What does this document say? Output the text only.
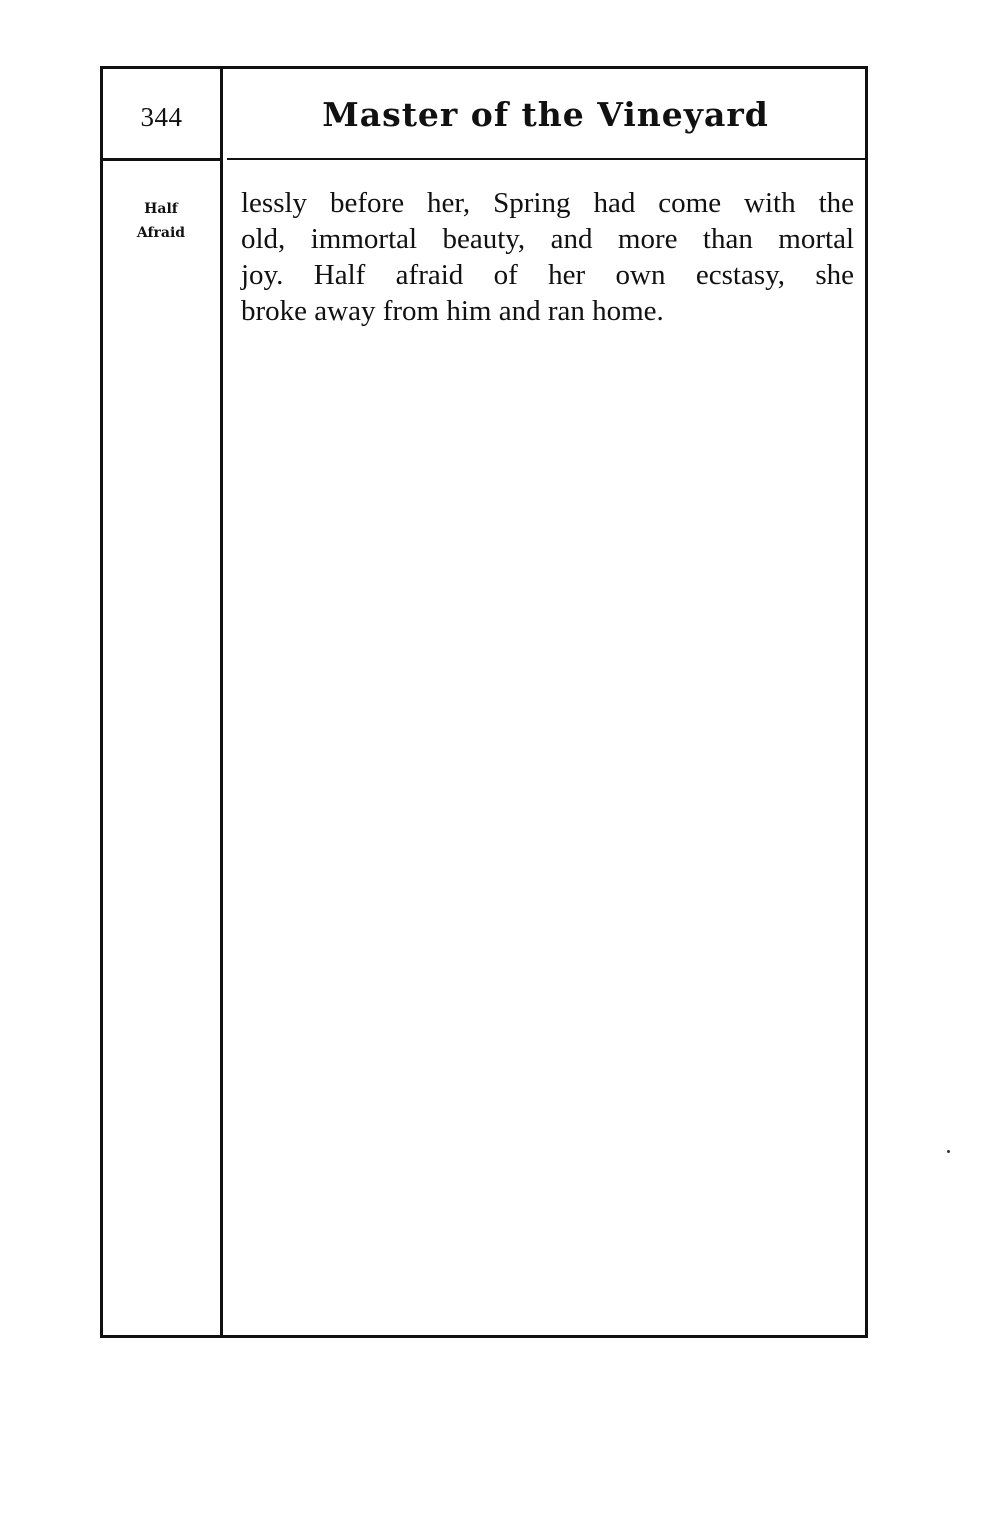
344	Master of the Vineyard
Half
Afraid

lessly before her, Spring had come with the
old, immortal beauty, and more than mortal
joy. Half afraid of her own ecstasy, she
broke away from him and ran home.
